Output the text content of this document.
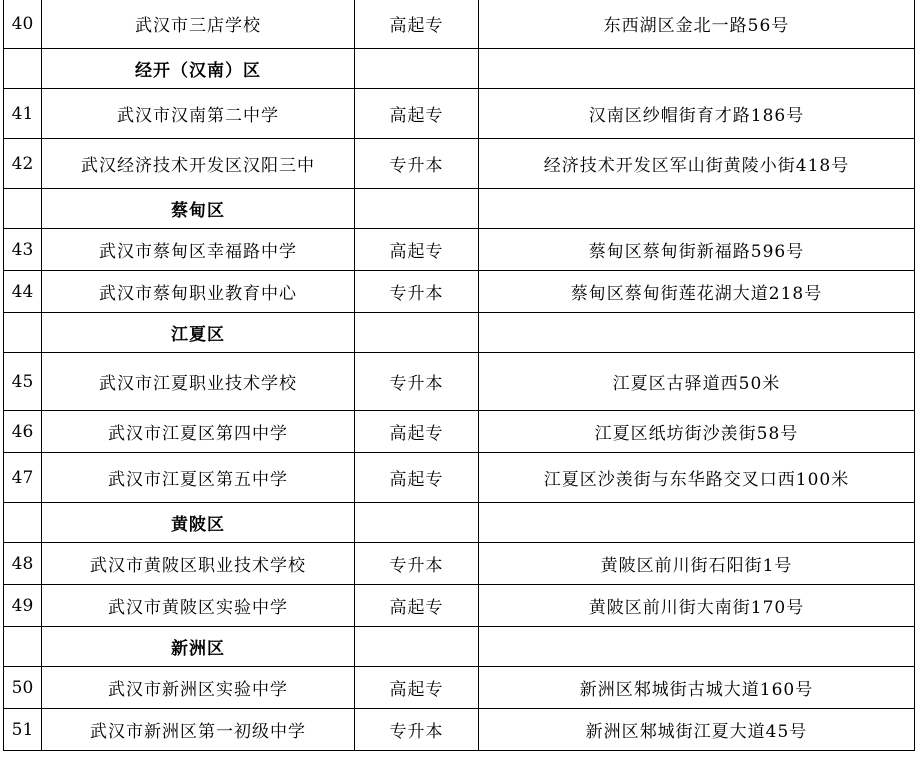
40	武汉市三店学校	高起专	东西湖区金北一路56号
	经开（汉南）区		
41	武汉市汉南第二中学	高起专	汉南区纱帽街育才路186号
42	武汉经济技术开发区汉阳三中	专升本	经济技术开发区军山街黄陵小街418号
	蔡甸区		
43	武汉市蔡甸区幸福路中学	高起专	蔡甸区蔡甸街新福路596号
44	武汉市蔡甸职业教育中心	专升本	蔡甸区蔡甸街莲花湖大道218号
	江夏区		
45	武汉市江夏职业技术学校	专升本	江夏区古驿道西50米
46	武汉市江夏区第四中学	高起专	江夏区纸坊街沙羡街58号
47	武汉市江夏区第五中学	高起专	江夏区沙羡街与东华路交叉口西100米
	黄陂区		
48	武汉市黄陂区职业技术学校	专升本	黄陂区前川街石阳街1号
49	武汉市黄陂区实验中学	高起专	黄陂区前川街大南街170号
	新洲区		
50	武汉市新洲区实验中学	高起专	新洲区邾城街古城大道160号
51	武汉市新洲区第一初级中学	专升本	新洲区邾城街江夏大道45号
